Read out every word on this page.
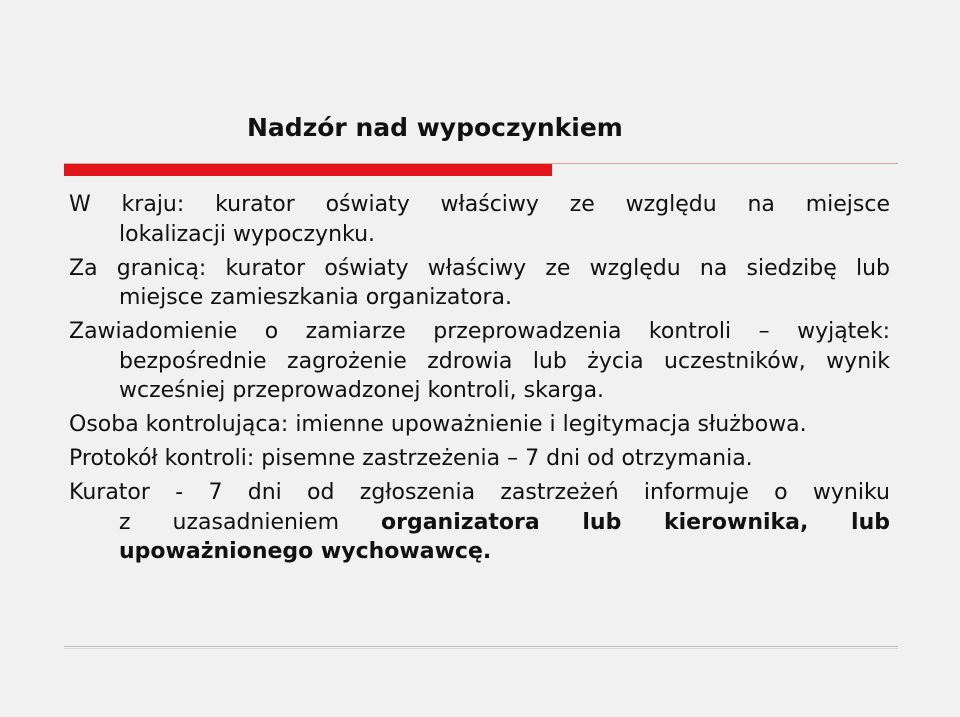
Nadzór nad wypoczynkiem
W kraju: kurator oświaty właściwy ze względu na miejsce
lokalizacji wypoczynku.
Za granicą: kurator oświaty właściwy ze względu na siedzibę lub
miejsce zamieszkania organizatora.
Zawiadomienie o zamiarze przeprowadzenia kontroli – wyjątek:
bezpośrednie zagrożenie zdrowia lub życia uczestników, wynik
wcześniej przeprowadzonej kontroli, skarga.
Osoba kontrolująca: imienne upoważnienie i legitymacja służbowa.
Protokół kontroli: pisemne zastrzeżenia – 7 dni od otrzymania.
Kurator - 7 dni od zgłoszenia zastrzeżeń informuje o wyniku
z uzasadnieniem organizatora lub kierownika, lub
upoważnionego wychowawcę.
